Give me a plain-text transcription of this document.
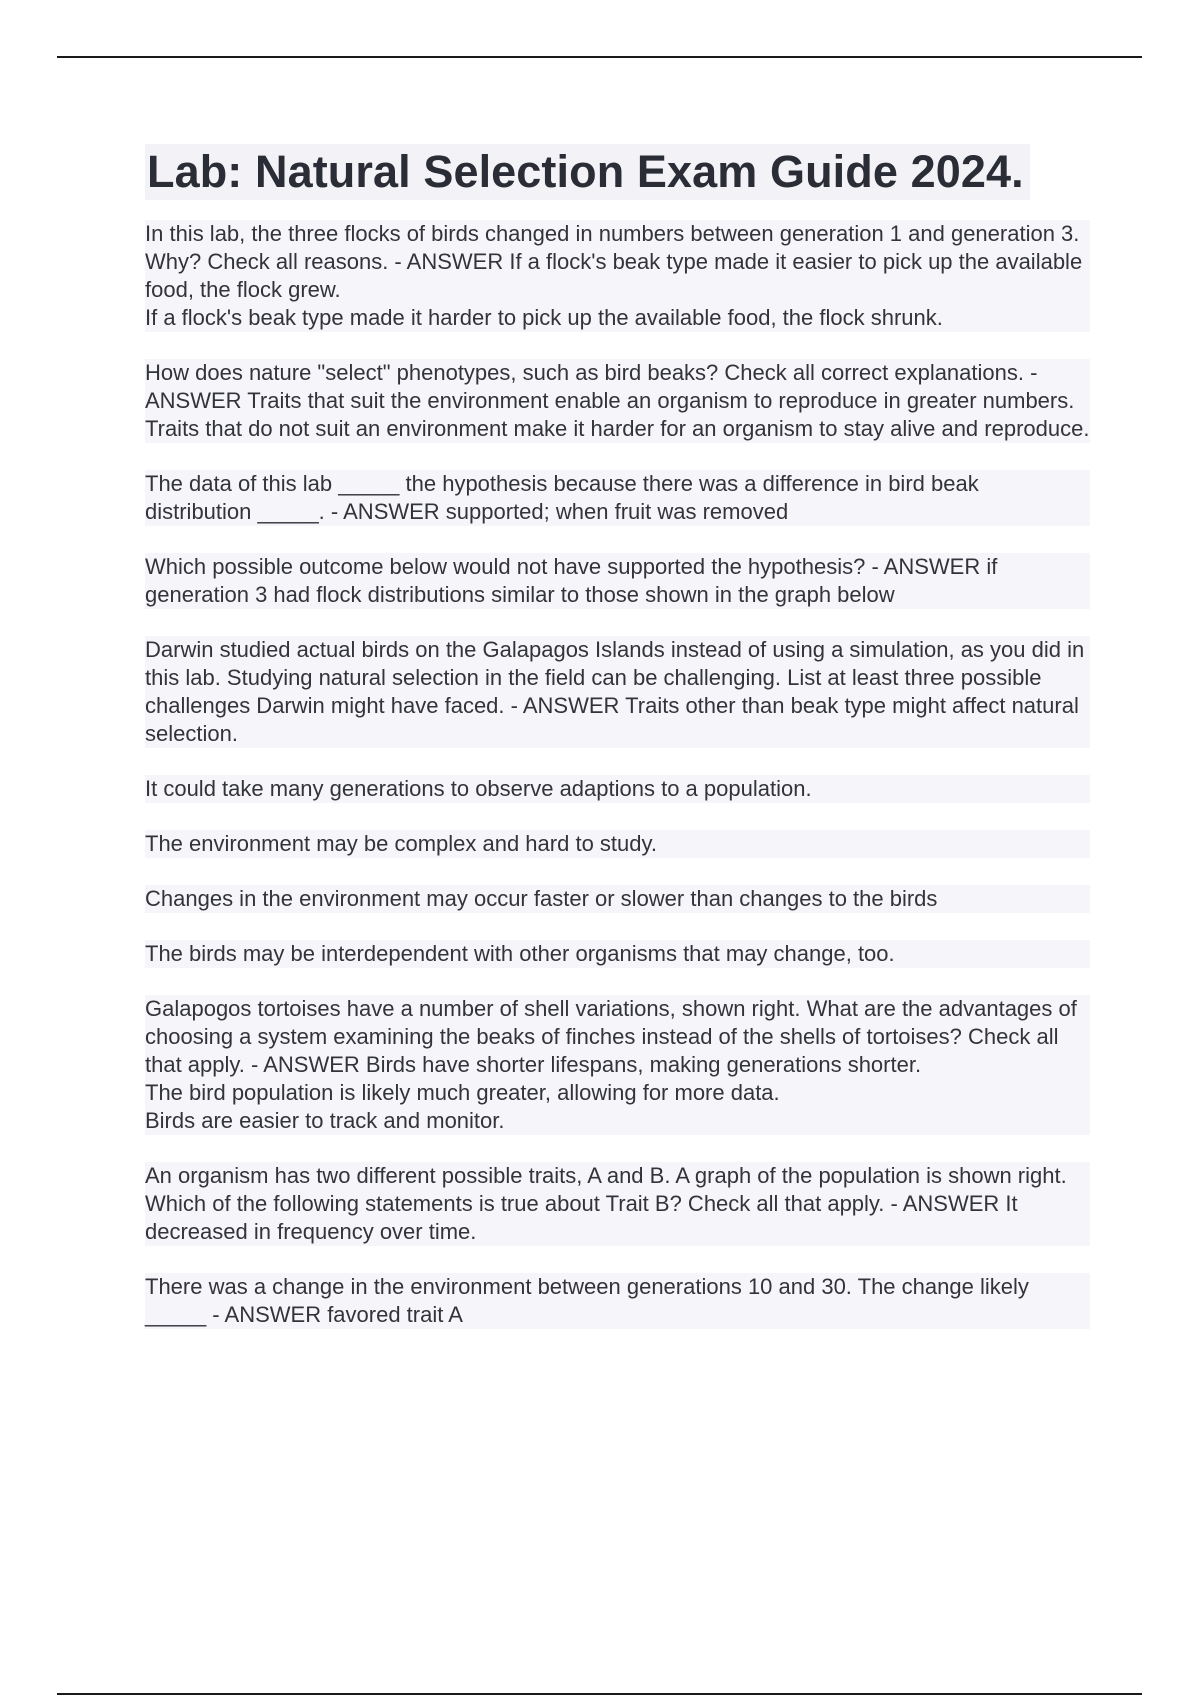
Lab: Natural Selection Exam Guide 2024.
In this lab, the three flocks of birds changed in numbers between generation 1 and generation 3. Why? Check all reasons. - ANSWER If a flock's beak type made it easier to pick up the available food, the flock grew.
If a flock's beak type made it harder to pick up the available food, the flock shrunk.
How does nature "select" phenotypes, such as bird beaks? Check all correct explanations. - ANSWER Traits that suit the environment enable an organism to reproduce in greater numbers.
Traits that do not suit an environment make it harder for an organism to stay alive and reproduce.
The data of this lab _____ the hypothesis because there was a difference in bird beak distribution _____. - ANSWER supported; when fruit was removed
Which possible outcome below would not have supported the hypothesis? - ANSWER if generation 3 had flock distributions similar to those shown in the graph below
Darwin studied actual birds on the Galapagos Islands instead of using a simulation, as you did in this lab. Studying natural selection in the field can be challenging. List at least three possible challenges Darwin might have faced. - ANSWER Traits other than beak type might affect natural selection.
It could take many generations to observe adaptions to a population.
The environment may be complex and hard to study.
Changes in the environment may occur faster or slower than changes to the birds
The birds may be interdependent with other organisms that may change, too.
Galapogos tortoises have a number of shell variations, shown right. What are the advantages of choosing a system examining the beaks of finches instead of the shells of tortoises? Check all that apply. - ANSWER Birds have shorter lifespans, making generations shorter.
The bird population is likely much greater, allowing for more data.
Birds are easier to track and monitor.
An organism has two different possible traits, A and B. A graph of the population is shown right. Which of the following statements is true about Trait B? Check all that apply. - ANSWER It decreased in frequency over time.
There was a change in the environment between generations 10 and 30. The change likely _____ - ANSWER favored trait A
